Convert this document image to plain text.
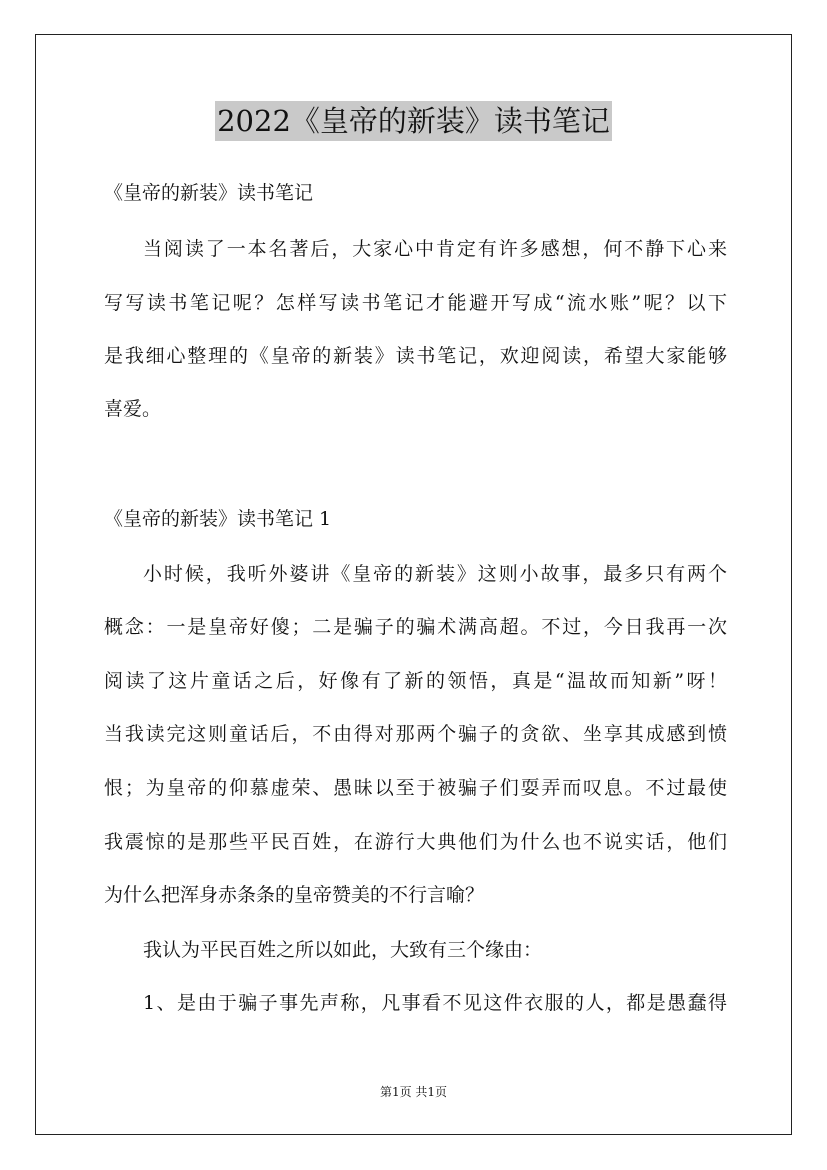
2022《皇帝的新装》读书笔记
《皇帝的新装》读书笔记
当阅读了一本名著后，大家心中肯定有许多感想，何不静下心来
写写读书笔记呢？怎样写读书笔记才能避开写成“流水账”呢？以下
是我细心整理的《皇帝的新装》读书笔记，欢迎阅读，希望大家能够
喜爱。
《皇帝的新装》读书笔记 1
小时候，我听外婆讲《皇帝的新装》这则小故事，最多只有两个
概念：一是皇帝好傻；二是骗子的骗术满高超。不过，今日我再一次
阅读了这片童话之后，好像有了新的领悟，真是“温故而知新”呀！
当我读完这则童话后，不由得对那两个骗子的贪欲、坐享其成感到愤
恨；为皇帝的仰慕虚荣、愚昧以至于被骗子们耍弄而叹息。不过最使
我震惊的是那些平民百姓，在游行大典他们为什么也不说实话，他们
为什么把浑身赤条条的皇帝赞美的不行言喻？
我认为平民百姓之所以如此，大致有三个缘由：
1、是由于骗子事先声称，凡事看不见这件衣服的人，都是愚蠢得
第1页 共1页
